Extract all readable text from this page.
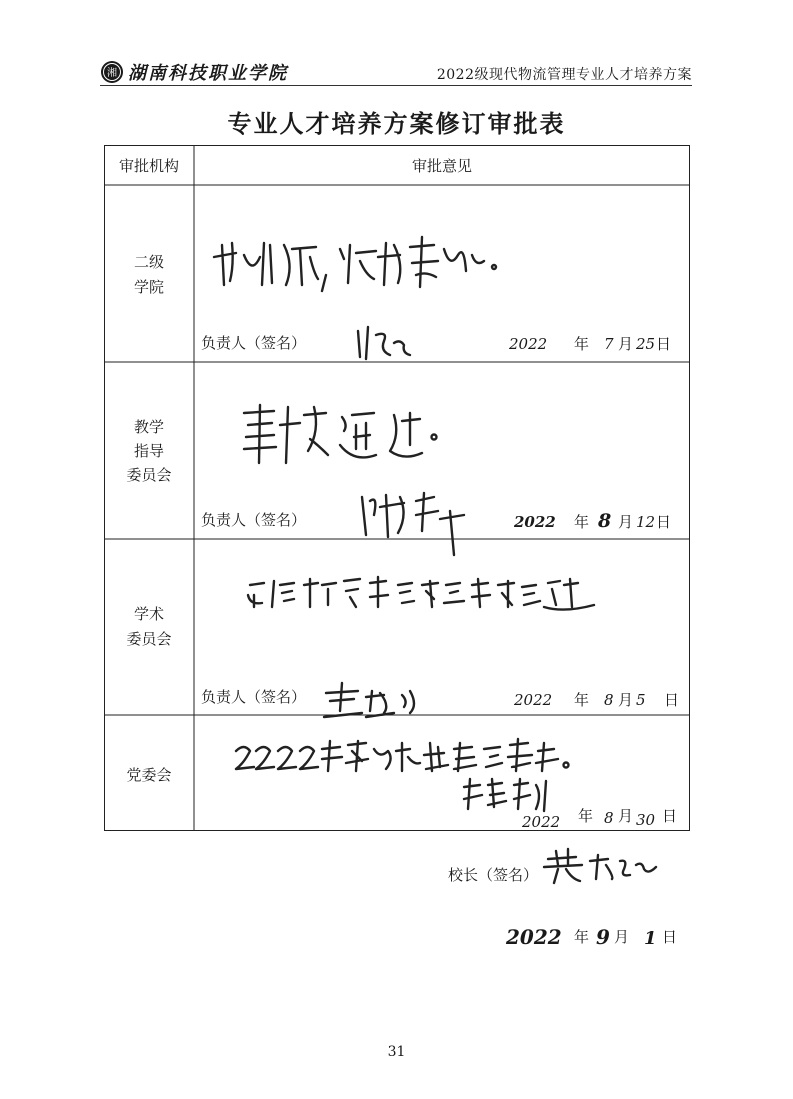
湘 湖南科技职业学院	2022级现代物流管理专业人才培养方案
专业人才培养方案修订审批表
审批机构	审批意见
二级
学院
负责人（签名）	2022 年 7 月 25 日
教学
指导
委员会
负责人（签名）	2022 年 8 月 12 日
学术
委员会
负责人（签名）	2022 年 8 月 5 日
党委会
2022 年 8 月 30 日
校长（签名）
2022 年 9 月 1 日
31
